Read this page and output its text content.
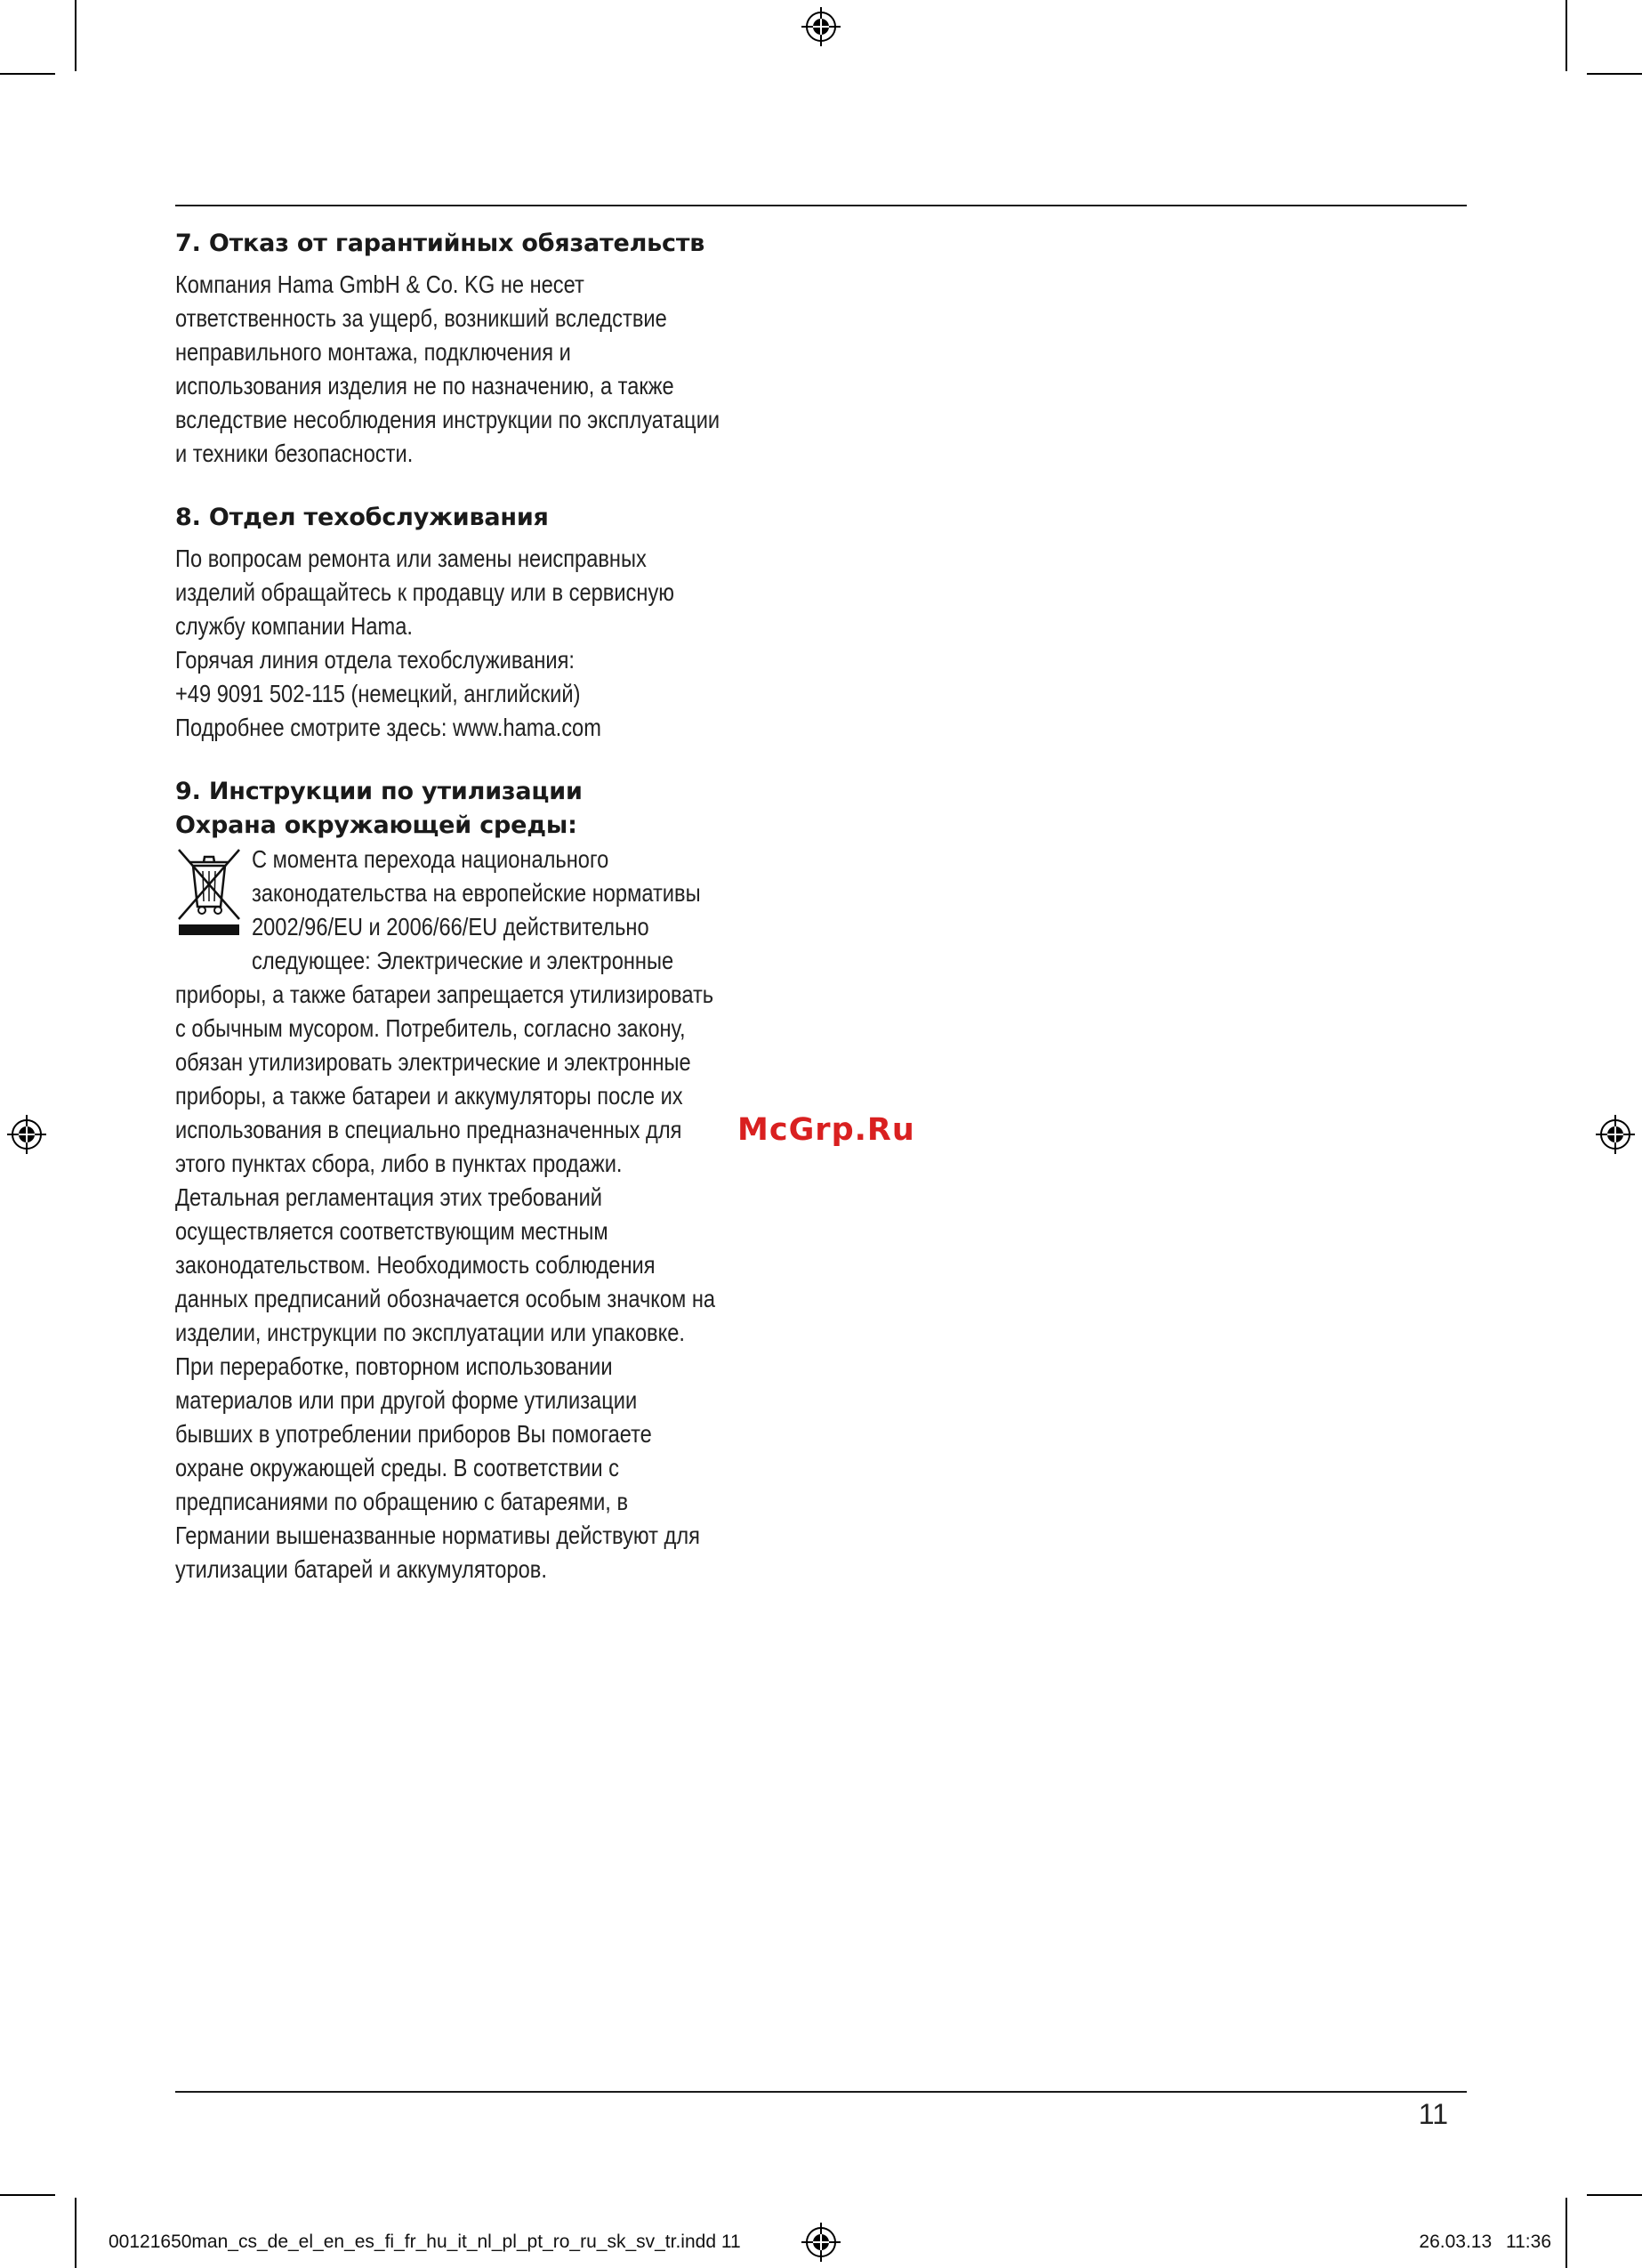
7. Отказ от гарантийных обязательств
Компания Hama GmbH & Co. KG не несет
ответственность за ущерб, возникший вследствие
неправильного монтажа, подключения и
использования изделия не по назначению, а также
вследствие несоблюдения инструкции по эксплуатации
и техники безопасности.
8. Отдел техобслуживания
По вопросам ремонта или замены неисправных
изделий обращайтесь к продавцу или в сервисную
службу компании Hama.
Горячая линия отдела техобслуживания:
+49 9091 502-115 (немецкий, английский)
Подробнее смотрите здесь: www.hama.com
9. Инструкции по утилизации
Охрана окружающей среды:
С момента перехода национального
законодательства на европейские нормативы
2002/96/EU и 2006/66/EU действительно
следующее: Электрические и электронные
приборы, а также батареи запрещается утилизировать
с обычным мусором. Потребитель, согласно закону,
обязан утилизировать электрические и электронные
приборы, а также батареи и аккумуляторы после их
использования в специально предназначенных для
этого пунктах сбора, либо в пунктах продажи.
Детальная регламентация этих требований
осуществляется соответствующим местным
законодательством. Необходимость соблюдения
данных предписаний обозначается особым значком на
изделии, инструкции по эксплуатации или упаковке.
При переработке, повторном использовании
материалов или при другой форме утилизации
бывших в употреблении приборов Вы помогаете
охране окружающей среды. В соответствии с
предписаниями по обращению с батареями, в
Германии вышеназванные нормативы действуют для
утилизации батарей и аккумуляторов.
McGrp.Ru
11
00121650man_cs_de_el_en_es_fi_fr_hu_it_nl_pl_pt_ro_ru_sk_sv_tr.indd 11	26.03.13 11:36
